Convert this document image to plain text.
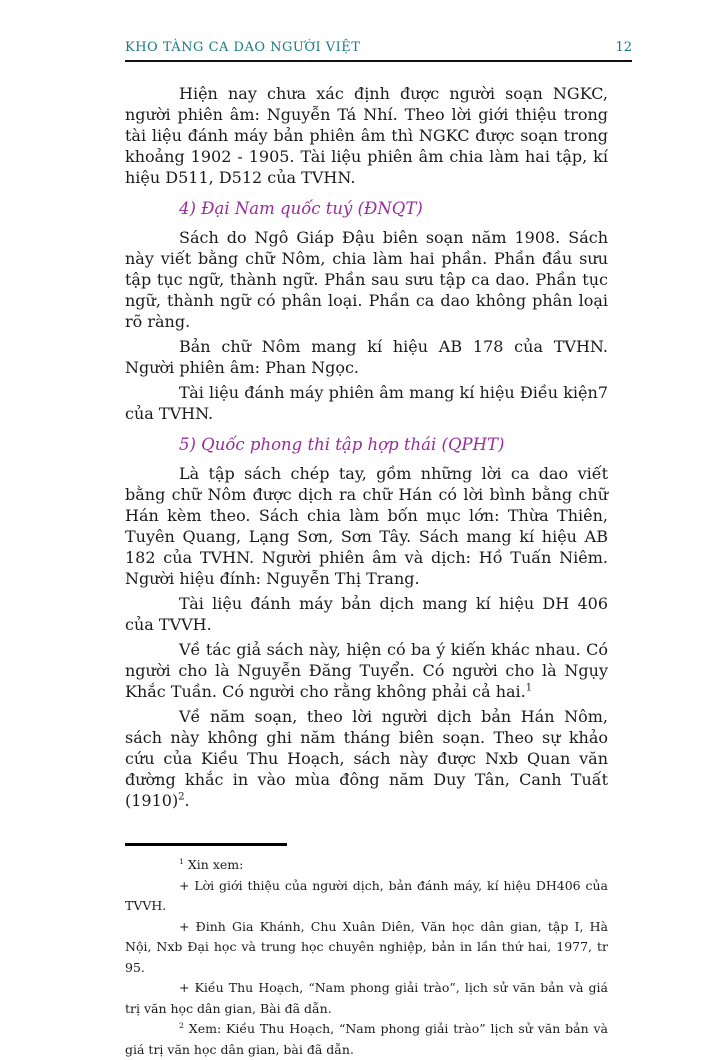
KHO TÀNG CA DAO NGƯỜI VIỆT	12

Hiện nay chưa xác định được người soạn NGKC, người phiên âm: Nguyễn Tá Nhí. Theo lời giới thiệu trong tài liệu đánh máy bản phiên âm thì NGKC được soạn trong khoảng 1902 - 1905. Tài liệu phiên âm chia làm hai tập, kí hiệu D511, D512 của TVHN.

4) Đại Nam quốc tuý (ĐNQT)

Sách do Ngô Giáp Đậu biên soạn năm 1908. Sách này viết bằng chữ Nôm, chia làm hai phần. Phần đầu sưu tập tục ngữ, thành ngữ. Phần sau sưu tập ca dao. Phần tục ngữ, thành ngữ có phân loại. Phần ca dao không phân loại rõ ràng.

Bản chữ Nôm mang kí hiệu AB 178 của TVHN. Người phiên âm: Phan Ngọc.

Tài liệu đánh máy phiên âm mang kí hiệu Điều kiện7 của TVHN.

5) Quốc phong thi tập hợp thái (QPHT)

Là tập sách chép tay, gồm những lời ca dao viết bằng chữ Nôm được dịch ra chữ Hán có lời bình bằng chữ Hán kèm theo. Sách chia làm bốn mục lớn: Thừa Thiên, Tuyên Quang, Lạng Sơn, Sơn Tây. Sách mang kí hiệu AB 182 của TVHN. Người phiên âm và dịch: Hồ Tuấn Niêm. Người hiệu đính: Nguyễn Thị Trang.

Tài liệu đánh máy bản dịch mang kí hiệu DH 406 của TVVH.

Về tác giả sách này, hiện có ba ý kiến khác nhau. Có người cho là Nguyễn Đăng Tuyển. Có người cho là Ngụy Khắc Tuần. Có người cho rằng không phải cả hai.$^1$

Về năm soạn, theo lời người dịch bản Hán Nôm, sách này không ghi năm tháng biên soạn. Theo sự khảo cứu của Kiều Thu Hoạch, sách này được Nxb Quan văn đường khắc in vào mùa đông năm Duy Tân, Canh Tuất $(1910)^2$.

$^1$ Xin xem:

+ Lời giới thiệu của người dịch, bản đánh máy, kí hiệu DH406 của TVVH.

+ Đinh Gia Khánh, Chu Xuân Diên, Văn học dân gian, tập I, Hà Nội, Nxb Đại học và trung học chuyên nghiệp, bản in lần thứ hai, 1977, tr 95.

+ Kiều Thu Hoạch, “Nam phong giải trào”, lịch sử văn bản và giá trị văn học dân gian, Bài đã dẫn.

$^2$ Xem: Kiều Thu Hoạch, “Nam phong giải trào” lịch sử văn bản và giá trị văn học dân gian, bài đã dẫn.
